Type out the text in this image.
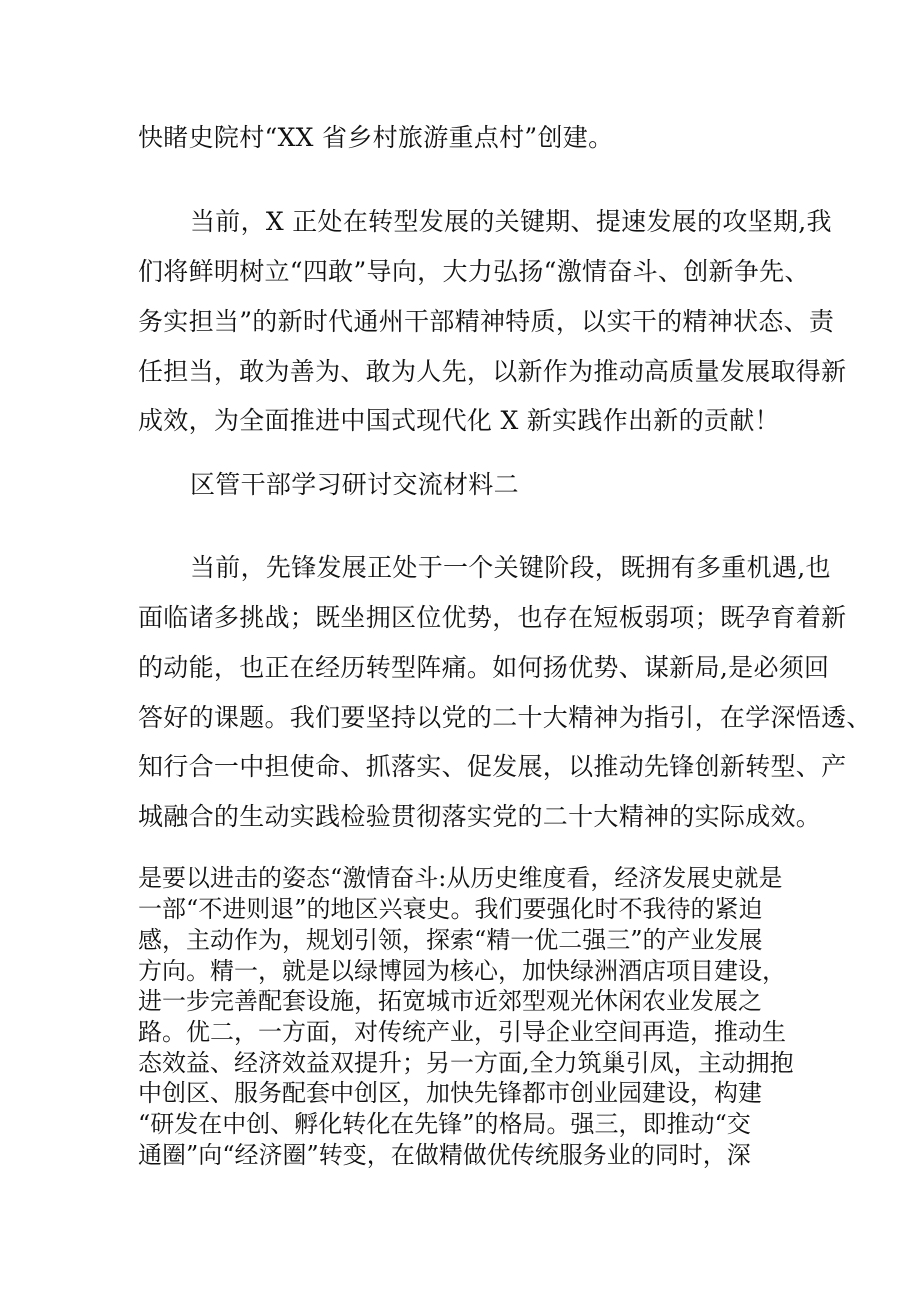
快睹史院村“XX 省乡村旅游重点村”创建。

当前，X 正处在转型发展的关键期、提速发展的攻坚期,我

们将鲜明树立“四敢”导向，大力弘扬“激情奋斗、创新争先、

务实担当”的新时代通州干部精神特质，以实干的精神状态、责

任担当，敢为善为、敢为人先，以新作为推动高质量发展取得新

成效，为全面推进中国式现代化 X 新实践作出新的贡献！

区管干部学习研讨交流材料二

当前，先锋发展正处于一个关键阶段，既拥有多重机遇,也

面临诸多挑战；既坐拥区位优势，也存在短板弱项；既孕育着新

的动能，也正在经历转型阵痛。如何扬优势、谋新局,是必须回

答好的课题。我们要坚持以党的二十大精神为指引，在学深悟透、

知行合一中担使命、抓落实、促发展，以推动先锋创新转型、产

城融合的生动实践检验贯彻落实党的二十大精神的实际成效。

是要以进击的姿态“激情奋斗:从历史维度看，经济发展史就是

一部“不进则退”的地区兴衰史。我们要强化时不我待的紧迫

感，主动作为，规划引领，探索“精一优二强三”的产业发展

方向。精一，就是以绿博园为核心，加快绿洲酒店项目建设，

进一步完善配套设施，拓宽城市近郊型观光休闲农业发展之

路。优二，一方面，对传统产业，引导企业空间再造，推动生

态效益、经济效益双提升；另一方面,全力筑巢引凤，主动拥抱

中创区、服务配套中创区，加快先锋都市创业园建设，构建

“研发在中创、孵化转化在先锋”的格局。强三，即推动“交

通圈”向“经济圈”转变，在做精做优传统服务业的同时，深
